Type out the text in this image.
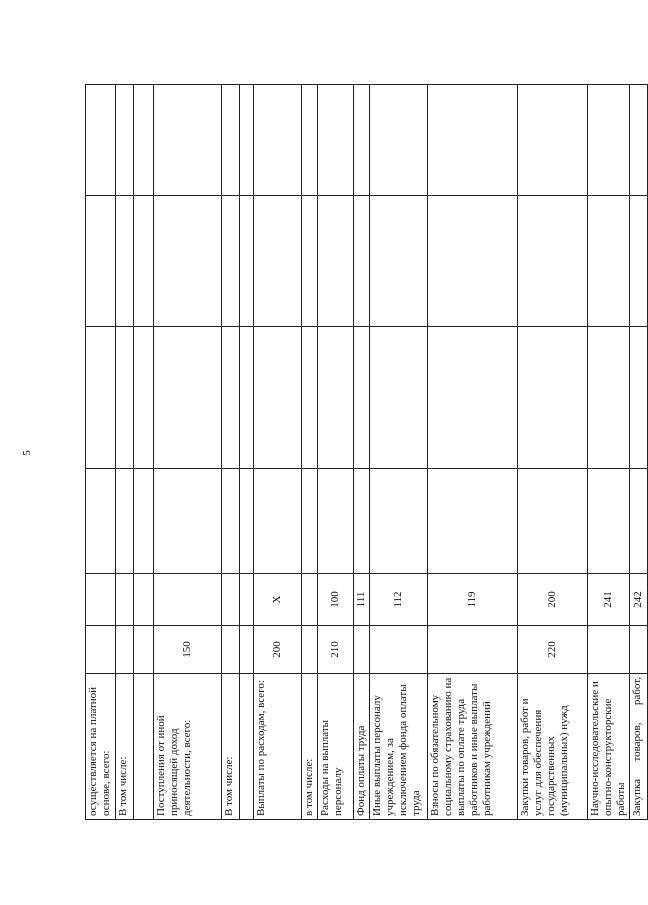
5
осуществляется на платной основе, всего:						
В том числе:						

Поступления от иной приносящей доход деятельности, всего:	150					
В том числе:						

Выплаты по расходам, всего:	200	X				
в том числе:						
Расходы на выплаты персоналу	210	100				
Фонд оплаты труда		111				
Иные выплаты персоналу учреждением, за исключением фонда оплаты труда		112				
Взносы по обязательному социальному страхованию на выплаты по оплате труда работников и иные выплаты работникам учреждений		119				
Закупки товаров, работ и услуг для обеспечения государственных (муниципальных) нужд	220	200				
Научно-исследовательские и опытно-конструкторские работы		241				
Закупка товаров, работ,		242				
